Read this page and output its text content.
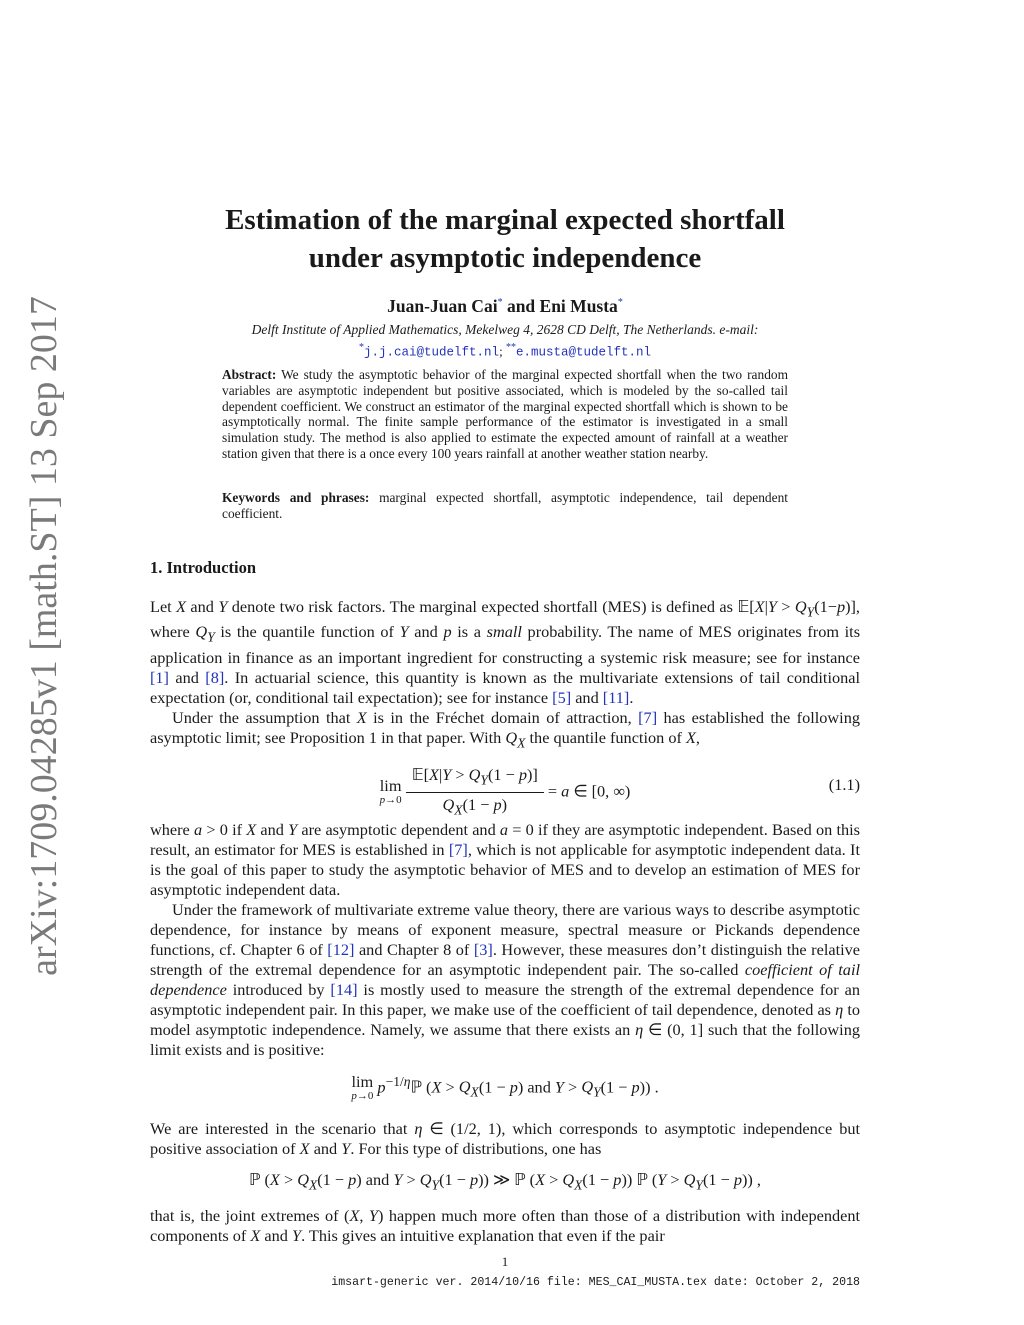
arXiv:1709.04285v1 [math.ST] 13 Sep 2017
Estimation of the marginal expected shortfall
under asymptotic independence
Juan-Juan Cai* and Eni Musta*
Delft Institute of Applied Mathematics, Mekelweg 4, 2628 CD Delft, The Netherlands. e-mail:
*j.j.cai@tudelft.nl; **e.musta@tudelft.nl
Abstract: We study the asymptotic behavior of the marginal expected shortfall when the two random variables are asymptotic independent but positive associated, which is modeled by the so-called tail dependent coefficient. We construct an estimator of the marginal expected shortfall which is shown to be asymptotically normal. The finite sample performance of the estimator is investigated in a small simulation study. The method is also applied to estimate the expected amount of rainfall at a weather station given that there is a once every 100 years rainfall at another weather station nearby.
Keywords and phrases: marginal expected shortfall, asymptotic independence, tail dependent coefficient.
1. Introduction

Let X and Y denote two risk factors. The marginal expected shortfall (MES) is defined as 𝔼[X|Y > $Q_Y(1-p)$], where $Q_Y$ is the quantile function of Y and p is a small probability. The name of MES originates from its application in finance as an important ingredient for constructing a systemic risk measure; see for instance [1] and [8]. In actuarial science, this quantity is known as the multivariate extensions of tail conditional expectation (or, conditional tail expectation); see for instance [5] and [11].

Under the assumption that X is in the Fréchet domain of attraction, [7] has established the following asymptotic limit; see Proposition 1 in that paper. With $Q_X$ the quantile function of X,

lim
p→0
$\frac{𝔼[X|Y > Q_Y(1 - p)]}{Q_X(1 - p)} = a$ ∈ [0, ∞)	(1.1)

where a > 0 if X and Y are asymptotic dependent and a = 0 if they are asymptotic independent. Based on this result, an estimator for MES is established in [7], which is not applicable for asymptotic independent data. It is the goal of this paper to study the asymptotic behavior of MES and to develop an estimation of MES for asymptotic independent data.

Under the framework of multivariate extreme value theory, there are various ways to describe asymptotic dependence, for instance by means of exponent measure, spectral measure or Pickands dependence functions, cf. Chapter 6 of [12] and Chapter 8 of [3]. However, these measures don’t distinguish the relative strength of the extremal dependence for an asymptotic independent pair. The so-called coefficient of tail dependence introduced by [14] is mostly used to measure the strength of the extremal dependence for an asymptotic independent pair. In this paper, we make use of the coefficient of tail dependence, denoted as η to model asymptotic independence. Namely, we assume that there exists an η ∈ (0, 1] such that the following limit exists and is positive:

lim
p→0 $p^{-1/\eta}ℙ$ ($X > Q_X(1 - p)$ and $Y > Q_Y(1 - p)$) .

We are interested in the scenario that η ∈ (1/2, 1), which corresponds to asymptotic independence but positive association of X and Y. For this type of distributions, one has

ℙ ($X > Q_X(1 - p)$ and $Y > Q_Y(1 - p)$) ≫ ℙ $(X > Q_X(1 - p))$ ℙ $(Y > Q_Y(1 - p))$ ,

that is, the joint extremes of (X, Y) happen much more often than those of a distribution with independent components of X and Y. This gives an intuitive explanation that even if the pair

1
imsart-generic ver. 2014/10/16 file: MES_CAI_MUSTA.tex date: October 2, 2018
